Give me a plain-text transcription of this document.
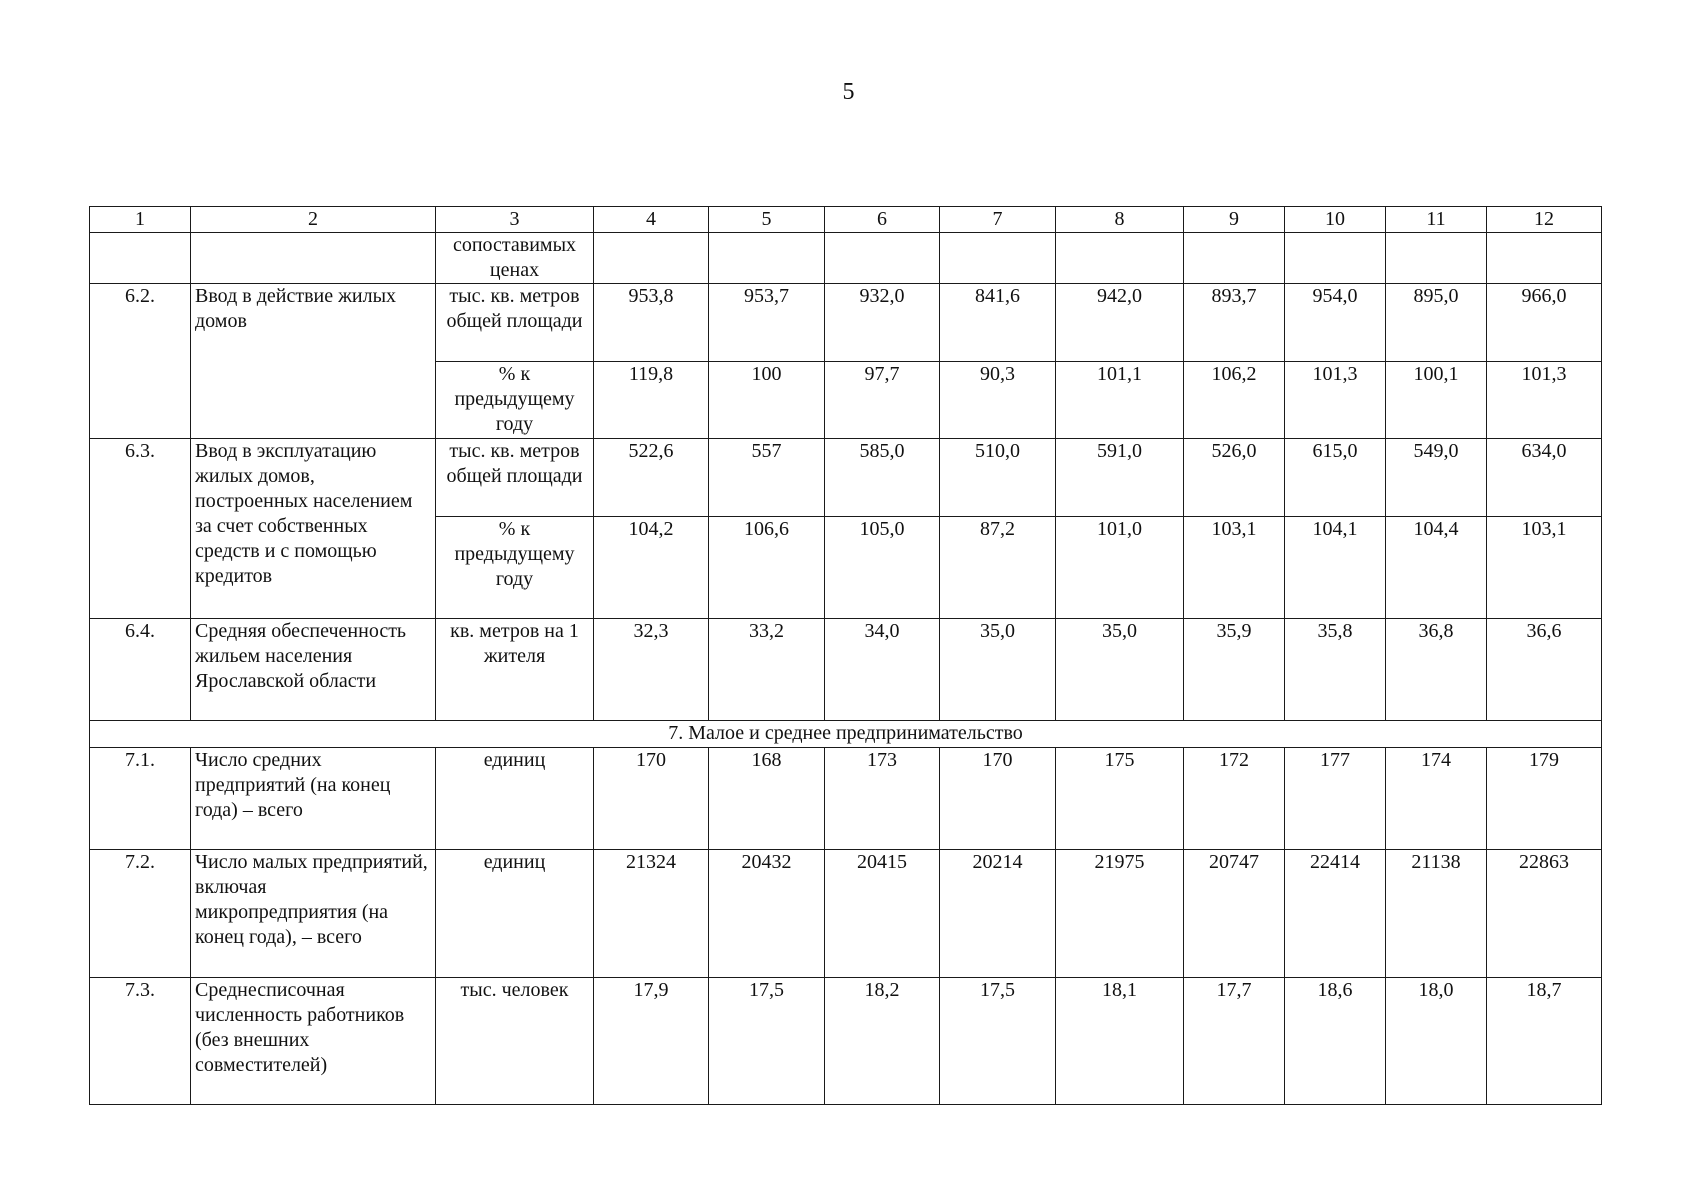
5
1	2	3	4	5	6	7	8	9	10	11	12
		сопоставимых ценах									
6.2.	Ввод в действие жилых домов	тыс. кв. метров общей площади	953,8	953,7	932,0	841,6	942,0	893,7	954,0	895,0	966,0
		% к предыдущему году	119,8	100	97,7	90,3	101,1	106,2	101,3	100,1	101,3
6.3.	Ввод в эксплуатацию жилых домов, построенных населением за счет собственных средств и с помощью кредитов	тыс. кв. метров общей площади	522,6	557	585,0	510,0	591,0	526,0	615,0	549,0	634,0
		% к предыдущему году	104,2	106,6	105,0	87,2	101,0	103,1	104,1	104,4	103,1
6.4.	Средняя обеспеченность жильем населения Ярославской области	кв. метров на 1 жителя	32,3	33,2	34,0	35,0	35,0	35,9	35,8	36,8	36,6
7. Малое и среднее предпринимательство											
7.1.	Число средних предприятий (на конец года) – всего	единиц	170	168	173	170	175	172	177	174	179
7.2.	Число малых предприятий, включая микропредприятия (на конец года), – всего	единиц	21324	20432	20415	20214	21975	20747	22414	21138	22863
7.3.	Среднесписочная численность работников (без внешних совместителей)	тыс. человек	17,9	17,5	18,2	17,5	18,1	17,7	18,6	18,0	18,7
